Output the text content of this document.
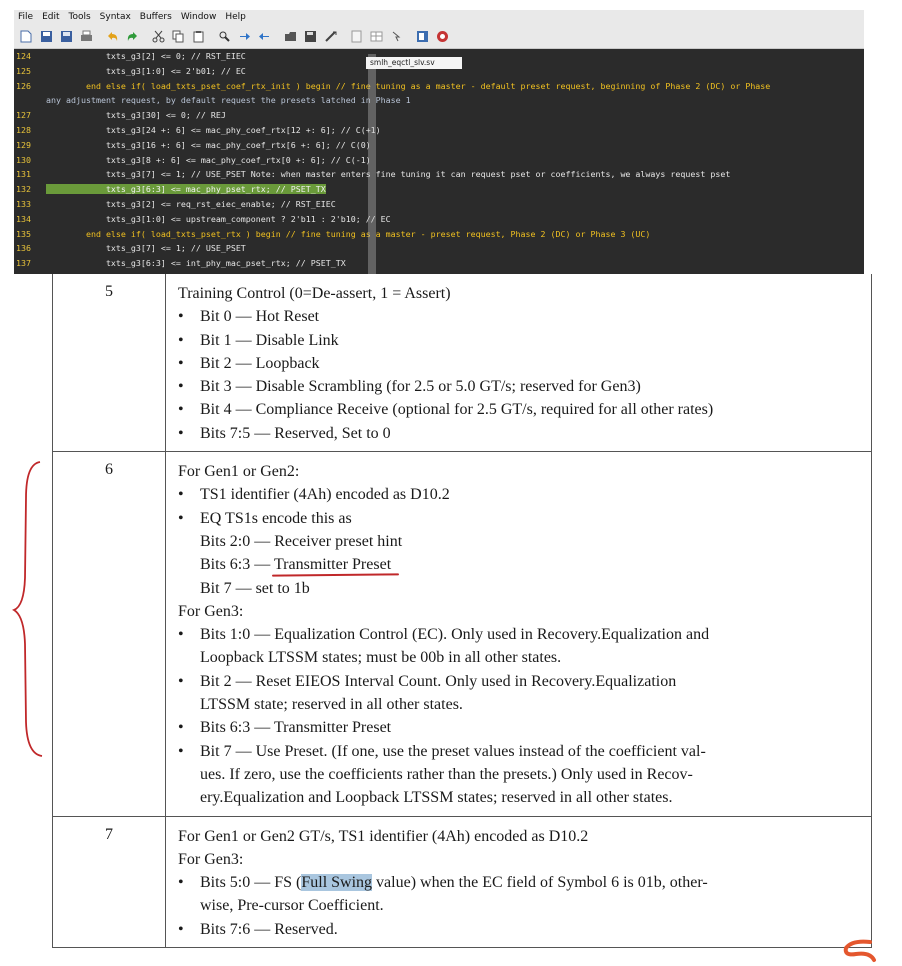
File Edit Tools Syntax Buffers Window Help
124            txts_g3[2] <= 0; // RST_EIEC
125            txts_g3[1:0] <= 2'b01; // EC
126        end else if( load_txts_pset_coef_rtx_init ) begin // fine tuning as a master - default preset request, beginning of Phase 2 (DC) or Phase
any adjustment request, by default request the presets latched in Phase 1
127            txts_g3[30] <= 0; // REJ
128            txts_g3[24 +: 6] <= mac_phy_coef_rtx[12 +: 6]; // C(+1)
129            txts_g3[16 +: 6] <= mac_phy_coef_rtx[6 +: 6]; // C(0)
130            txts_g3[8 +: 6] <= mac_phy_coef_rtx[0 +: 6]; // C(-1)
131            txts_g3[7] <= 1; // USE_PSET Note: when master enters fine tuning it can request pset or coefficients, we always request pset
132            txts_g3[6:3] <= mac_phy_pset_rtx; // PSET_TX
133            txts_g3[2] <= req_rst_eiec_enable; // RST_EIEC
134            txts_g3[1:0] <= upstream_component ? 2'b11 : 2'b10; // EC
135        end else if( load_txts_pset_rtx ) begin // fine tuning as a master - preset request, Phase 2 (DC) or Phase 3 (UC)
136            txts_g3[7] <= 1; // USE_PSET
137            txts_g3[6:3] <= int_phy_mac_pset_rtx; // PSET_TX
smlh_eqctl_slv.sv
5	Training Control (0=De-assert, 1 = Assert)
•	Bit 0 — Hot Reset
•	Bit 1 — Disable Link
•	Bit 2 — Loopback
•	Bit 3 — Disable Scrambling (for 2.5 or 5.0 GT/s; reserved for Gen3)
•	Bit 4 — Compliance Receive (optional for 2.5 GT/s, required for all other rates)
•	Bits 7:5 — Reserved, Set to 0
6	For Gen1 or Gen2:
•	TS1 identifier (4Ah) encoded as D10.2
•	EQ TS1s encode this as
Bits 2:0 — Receiver preset hint
Bits 6:3 — Transmitter Preset
Bit 7 — set to 1b
For Gen3:
•	Bits 1:0 — Equalization Control (EC). Only used in Recovery.Equalization and
Loopback LTSSM states; must be 00b in all other states.
•	Bit 2 — Reset EIEOS Interval Count. Only used in Recovery.Equalization
LTSSM state; reserved in all other states.
•	Bits 6:3 — Transmitter Preset
•	Bit 7 — Use Preset. (If one, use the preset values instead of the coefficient val-
ues. If zero, use the coefficients rather than the presets.) Only used in Recov-
ery.Equalization and Loopback LTSSM states; reserved in all other states.
7	For Gen1 or Gen2 GT/s, TS1 identifier (4Ah) encoded as D10.2
For Gen3:
•	Bits 5:0 — FS (Full Swing value) when the EC field of Symbol 6 is 01b, other-
wise, Pre-cursor Coefficient.
•	Bits 7:6 — Reserved.
